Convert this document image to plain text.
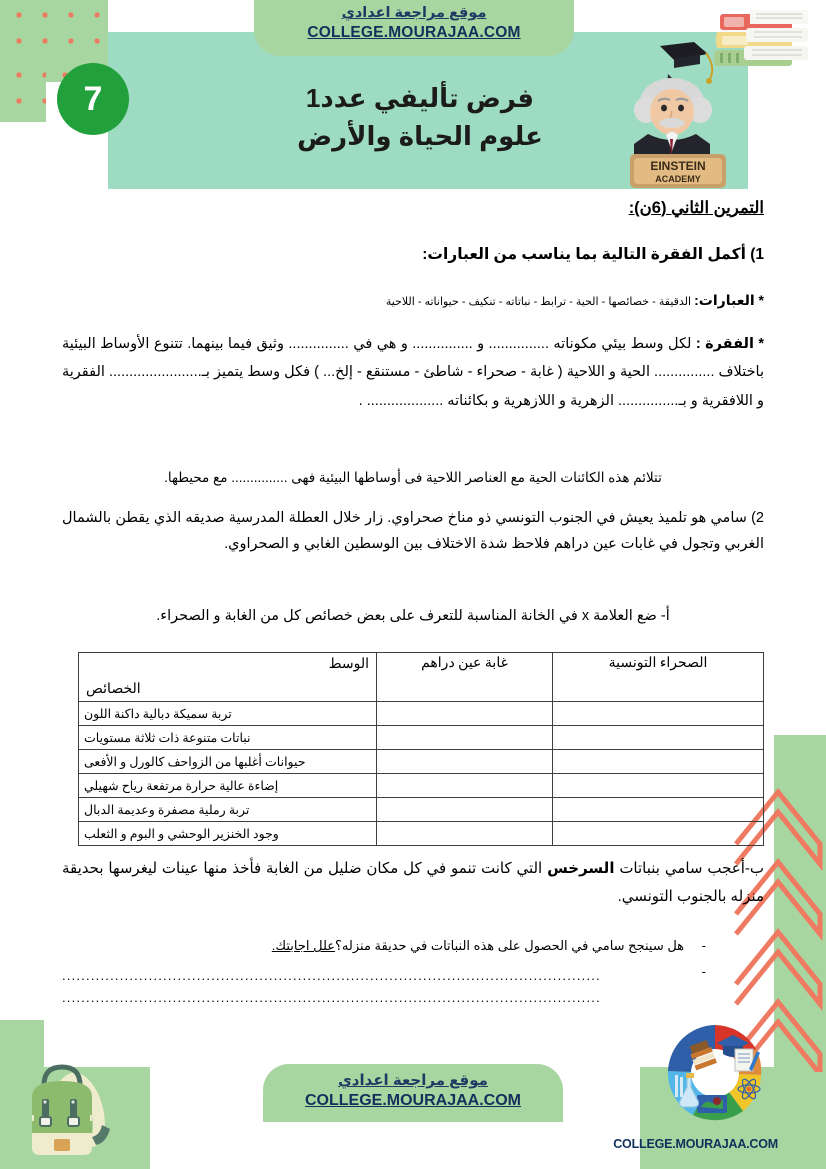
موقع مراجعة اعدادي
COLLEGE.MOURAJAA.COM
7	فرض تأليفي عدد1
علوم الحياة والأرض
EINSTEIN
ACADEMY
التمرين الثاني (6ن):
1) أكمل الفقرة التالية بما يناسب من العبارات:
* العبارات: الدقيقة - خصائصها - الحية - ترابط - نباتاته - تنكيف - حيواناته - اللاحية
* الفقرة : لكل وسط بيئي مكوناته ............... و ............... و هي في ............... وثيق فيما بينهما. تتنوع الأوساط البيئية باختلاف ............... الحية و اللاحية ( غابة - صحراء - شاطئ - مستنقع - إلخ... ) فكل وسط يتميز بـ....................... الفقرية و اللافقرية و بـ............... الزهرية و اللازهرية و بكائناته ................... .
تتلائم هذه الكائنات الحية مع العناصر اللاحية فى أوساطها البيئية فهى ............... مع محيطها.
2) سامي هو تلميذ يعيش في الجنوب التونسي ذو مناخ صحراوي. زار خلال العطلة المدرسية صديقه الذي يقطن بالشمال الغربي وتجول في غابات عين دراهم فلاحظ شدة الاختلاف بين الوسطين الغابي و الصحراوي.
أ- ضع العلامة x في الخانة المناسبة للتعرف على بعض خصائص كل من الغابة و الصحراء.
الصحراء التونسية	غابة عين دراهم	الوسط
الخصائص

		تربة سميكة دبالية داكنة اللون
		نباتات متنوعة ذات ثلاثة مستويات
		حيوانات أغلبها من الزواحف كالورل و الأفعى
		إضاءة عالية حرارة مرتفعة رياح شهيلي
		تربة رملية مصفرة وعديمة الدبال
		وجود الخنزير الوحشي و البوم و الثعلب
ب-أعجب سامي بنباتات السرخس التي كانت تنمو في كل مكان ضليل من الغابة فأخذ منها عينات ليغرسها بحديقة منزله بالجنوب التونسي.
- هل سينجح سامي في الحصول على هذه النباتات في حديقة منزله؟علل اجابتك.
-
................................................................................................................
................................................................................................................
موقع مراجعة اعدادي
COLLEGE.MOURAJAA.COM
COLLEGE.MOURAJAA.COM
